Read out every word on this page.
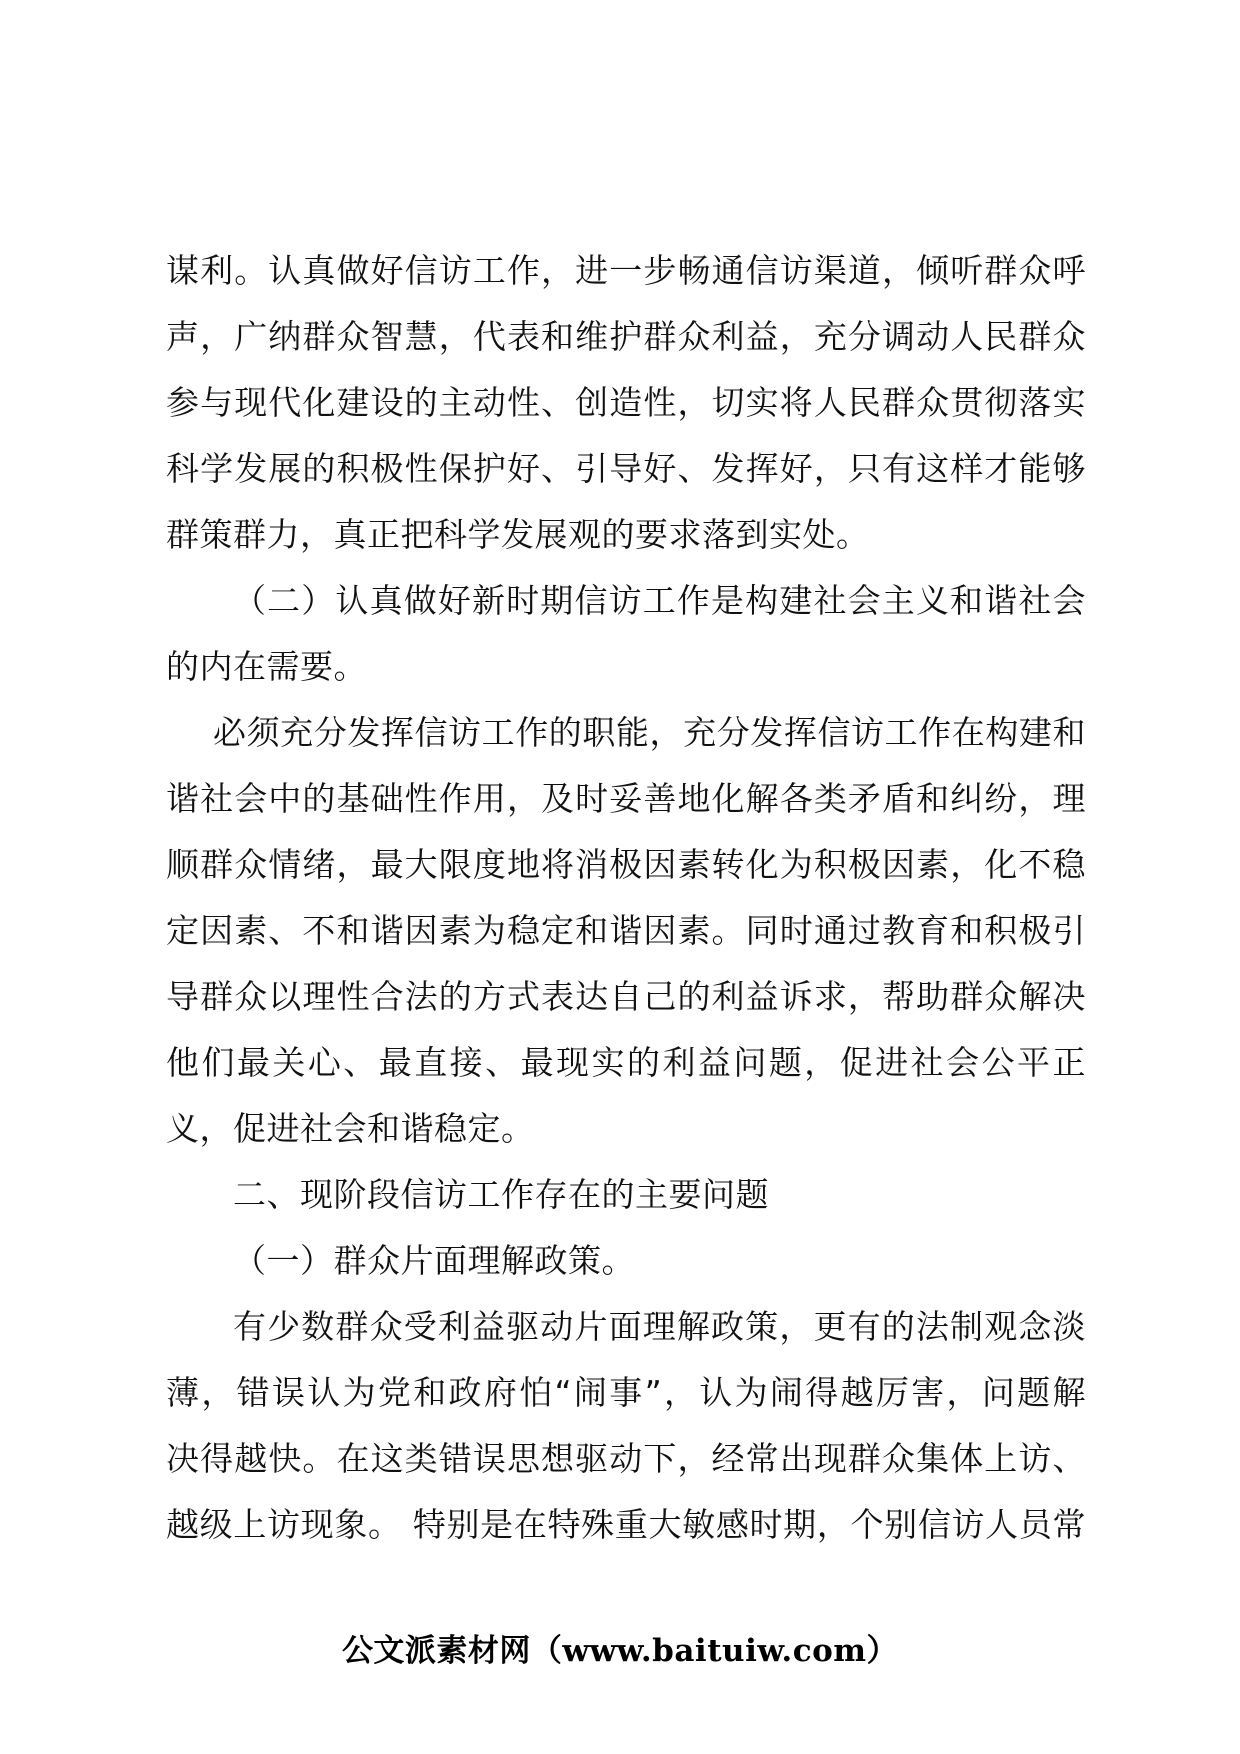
谋利。认真做好信访工作，进一步畅通信访渠道，倾听群众呼
声，广纳群众智慧，代表和维护群众利益，充分调动人民群众
参与现代化建设的主动性、创造性，切实将人民群众贯彻落实
科学发展的积极性保护好、引导好、发挥好，只有这样才能够
群策群力，真正把科学发展观的要求落到实处。
（二）认真做好新时期信访工作是构建社会主义和谐社会
的内在需要。
必须充分发挥信访工作的职能，充分发挥信访工作在构建和
谐社会中的基础性作用，及时妥善地化解各类矛盾和纠纷，理
顺群众情绪，最大限度地将消极因素转化为积极因素，化不稳
定因素、不和谐因素为稳定和谐因素。同时通过教育和积极引
导群众以理性合法的方式表达自己的利益诉求，帮助群众解决
他们最关心、最直接、最现实的利益问题，促进社会公平正
义，促进社会和谐稳定。
二、现阶段信访工作存在的主要问题
（一）群众片面理解政策。
有少数群众受利益驱动片面理解政策，更有的法制观念淡
薄，错误认为党和政府怕“闹事”，认为闹得越厉害，问题解
决得越快。在这类错误思想驱动下，经常出现群众集体上访、
越级上访现象。 特别是在特殊重大敏感时期，个别信访人员常
公文派素材网（www.baituiw.com）
